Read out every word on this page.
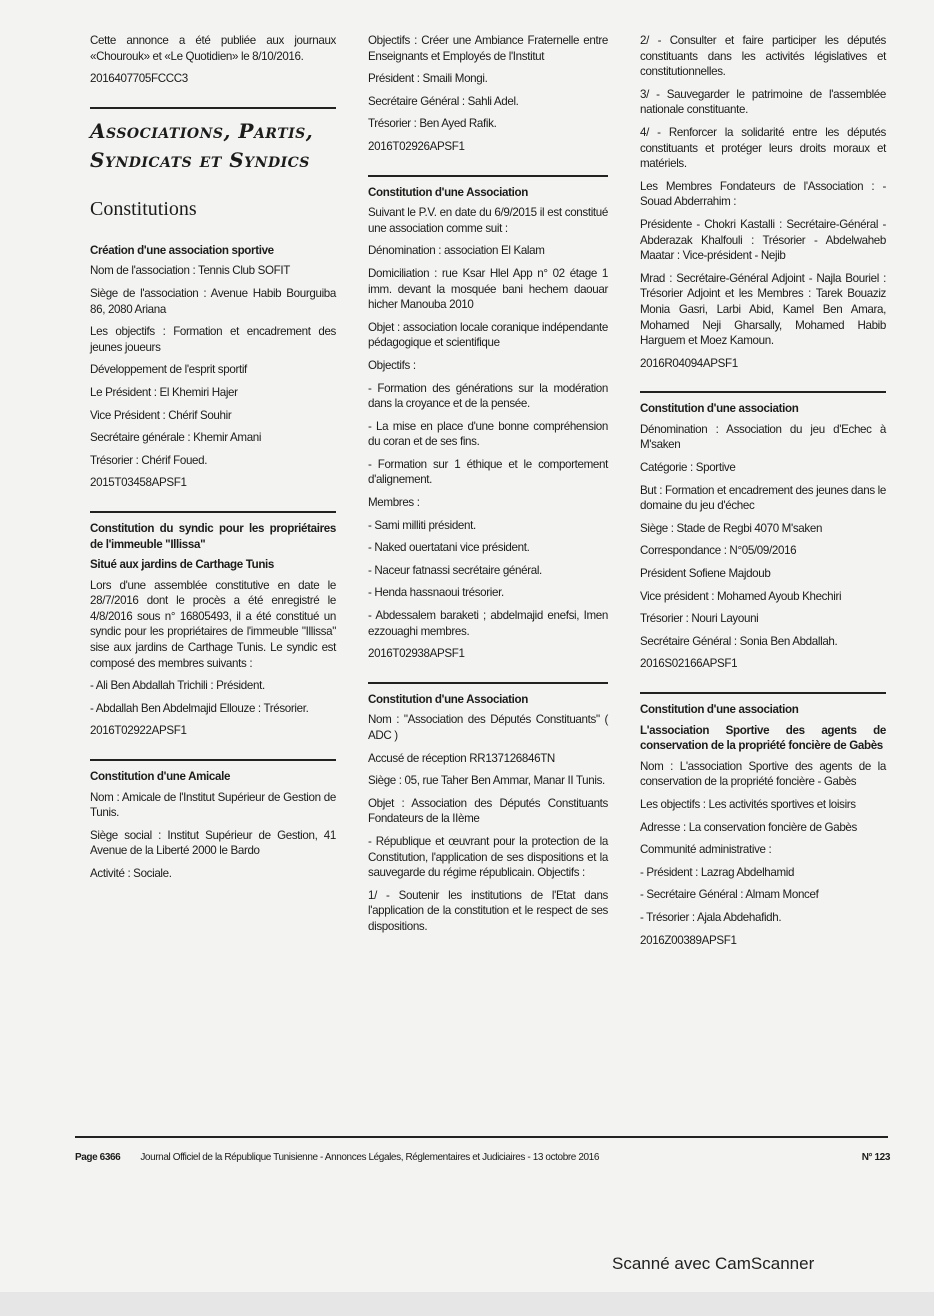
Cette annonce a été publiée aux journaux «Chourouk» et «Le Quotidien» le 8/10/2016.
2016407705FCCC3
Associations, Partis, Syndicats et Syndics
Constitutions
Création d'une association sportive
Nom de l'association : Tennis Club SOFIT
Siège de l'association : Avenue Habib Bourguiba 86, 2080 Ariana
Les objectifs : Formation et encadrement des jeunes joueurs
Développement de l'esprit sportif
Le Président : El Khemiri Hajer
Vice Président : Chérif Souhir
Secrétaire générale : Khemir Amani
Trésorier : Chérif Foued.
2015T03458APSF1
Constitution du syndic pour les propriétaires de l'immeuble "Illissa"
Situé aux jardins de Carthage Tunis
Lors d'une assemblée constitutive en date le 28/7/2016 dont le procès a été enregistré le 4/8/2016 sous n° 16805493, il a été constitué un syndic pour les propriétaires de l'immeuble "Illissa" sise aux jardins de Carthage Tunis. Le syndic est composé des membres suivants :
- Ali Ben Abdallah Trichili : Président.
- Abdallah Ben Abdelmajid Ellouze : Trésorier.
2016T02922APSF1
Constitution d'une Amicale
Nom : Amicale de l'Institut Supérieur de Gestion de Tunis.
Siège social : Institut Supérieur de Gestion, 41 Avenue de la Liberté 2000 le Bardo
Activité : Sociale.
Objectifs : Créer une Ambiance Fraternelle entre Enseignants et Employés de l'Institut
Président : Smaili Mongi.
Secrétaire Général : Sahli Adel.
Trésorier : Ben Ayed Rafik.
2016T02926APSF1
Constitution d'une Association
Suivant le P.V. en date du 6/9/2015 il est constitué une association comme suit :
Dénomination : association El Kalam
Domiciliation : rue Ksar Hlel App n° 02 étage 1 imm. devant la mosquée bani hechem daouar hicher Manouba 2010
Objet : association locale coranique indépendante pédagogique et scientifique
Objectifs :
- Formation des générations sur la modération dans la croyance et de la pensée.
- La mise en place d'une bonne compréhension du coran et de ses fins.
- Formation sur 1 éthique et le comportement d'alignement.
Membres :
- Sami milliti président.
- Naked ouertatani vice président.
- Naceur fatnassi secrétaire général.
- Henda hassnaoui trésorier.
- Abdessalem baraketi ; abdelmajid enefsi, Imen ezzouaghi membres.
2016T02938APSF1
Constitution d'une Association
Nom : "Association des Députés Constituants" ( ADC )
Accusé de réception RR137126846TN
Siège : 05, rue Taher Ben Ammar, Manar II Tunis.
Objet : Association des Députés Constituants Fondateurs de la IIème
- République et œuvrant pour la protection de la Constitution, l'application de ses dispositions et la sauvegarde du régime républicain. Objectifs :
1/ - Soutenir les institutions de l'Etat dans l'application de la constitution et le respect de ses dispositions.
2/ - Consulter et faire participer les députés constituants dans les activités législatives et constitutionnelles.
3/ - Sauvegarder le patrimoine de l'assemblée nationale constituante.
4/ - Renforcer la solidarité entre les députés constituants et protéger leurs droits moraux et matériels.
Les Membres Fondateurs de l'Association : - Souad Abderrahim :
Présidente - Chokri Kastalli : Secrétaire-Général - Abderazak Khalfouli : Trésorier - Abdelwaheb Maatar : Vice-président - Nejib
Mrad : Secrétaire-Général Adjoint - Najla Bouriel : Trésorier Adjoint et les Membres : Tarek Bouaziz Monia Gasri, Larbi Abid, Kamel Ben Amara, Mohamed Neji Gharsally, Mohamed Habib Harguem et Moez Kamoun.
2016R04094APSF1
Constitution d'une association
Dénomination : Association du jeu d'Echec à M'saken
Catégorie : Sportive
But : Formation et encadrement des jeunes dans le domaine du jeu d'échec
Siège : Stade de Regbi 4070 M'saken
Correspondance : N°05/09/2016
Président Sofiene Majdoub
Vice président : Mohamed Ayoub Khechiri
Trésorier : Nouri Layouni
Secrétaire Général : Sonia Ben Abdallah.
2016S02166APSF1
Constitution d'une association
L'association Sportive des agents de conservation de la propriété foncière de Gabès
Nom : L'association Sportive des agents de la conservation de la propriété foncière - Gabès
Les objectifs : Les activités sportives et loisirs
Adresse : La conservation foncière de Gabès
Communité administrative :
- Président : Lazrag Abdelhamid
- Secrétaire Général : Almam Moncef
- Trésorier : Ajala Abdehafidh.
2016Z00389APSF1
Page 6366 Journal Officiel de la République Tunisienne - Annonces Légales, Réglementaires et Judiciaires - 13 octobre 2016	N° 123
Scanné avec CamScanner
